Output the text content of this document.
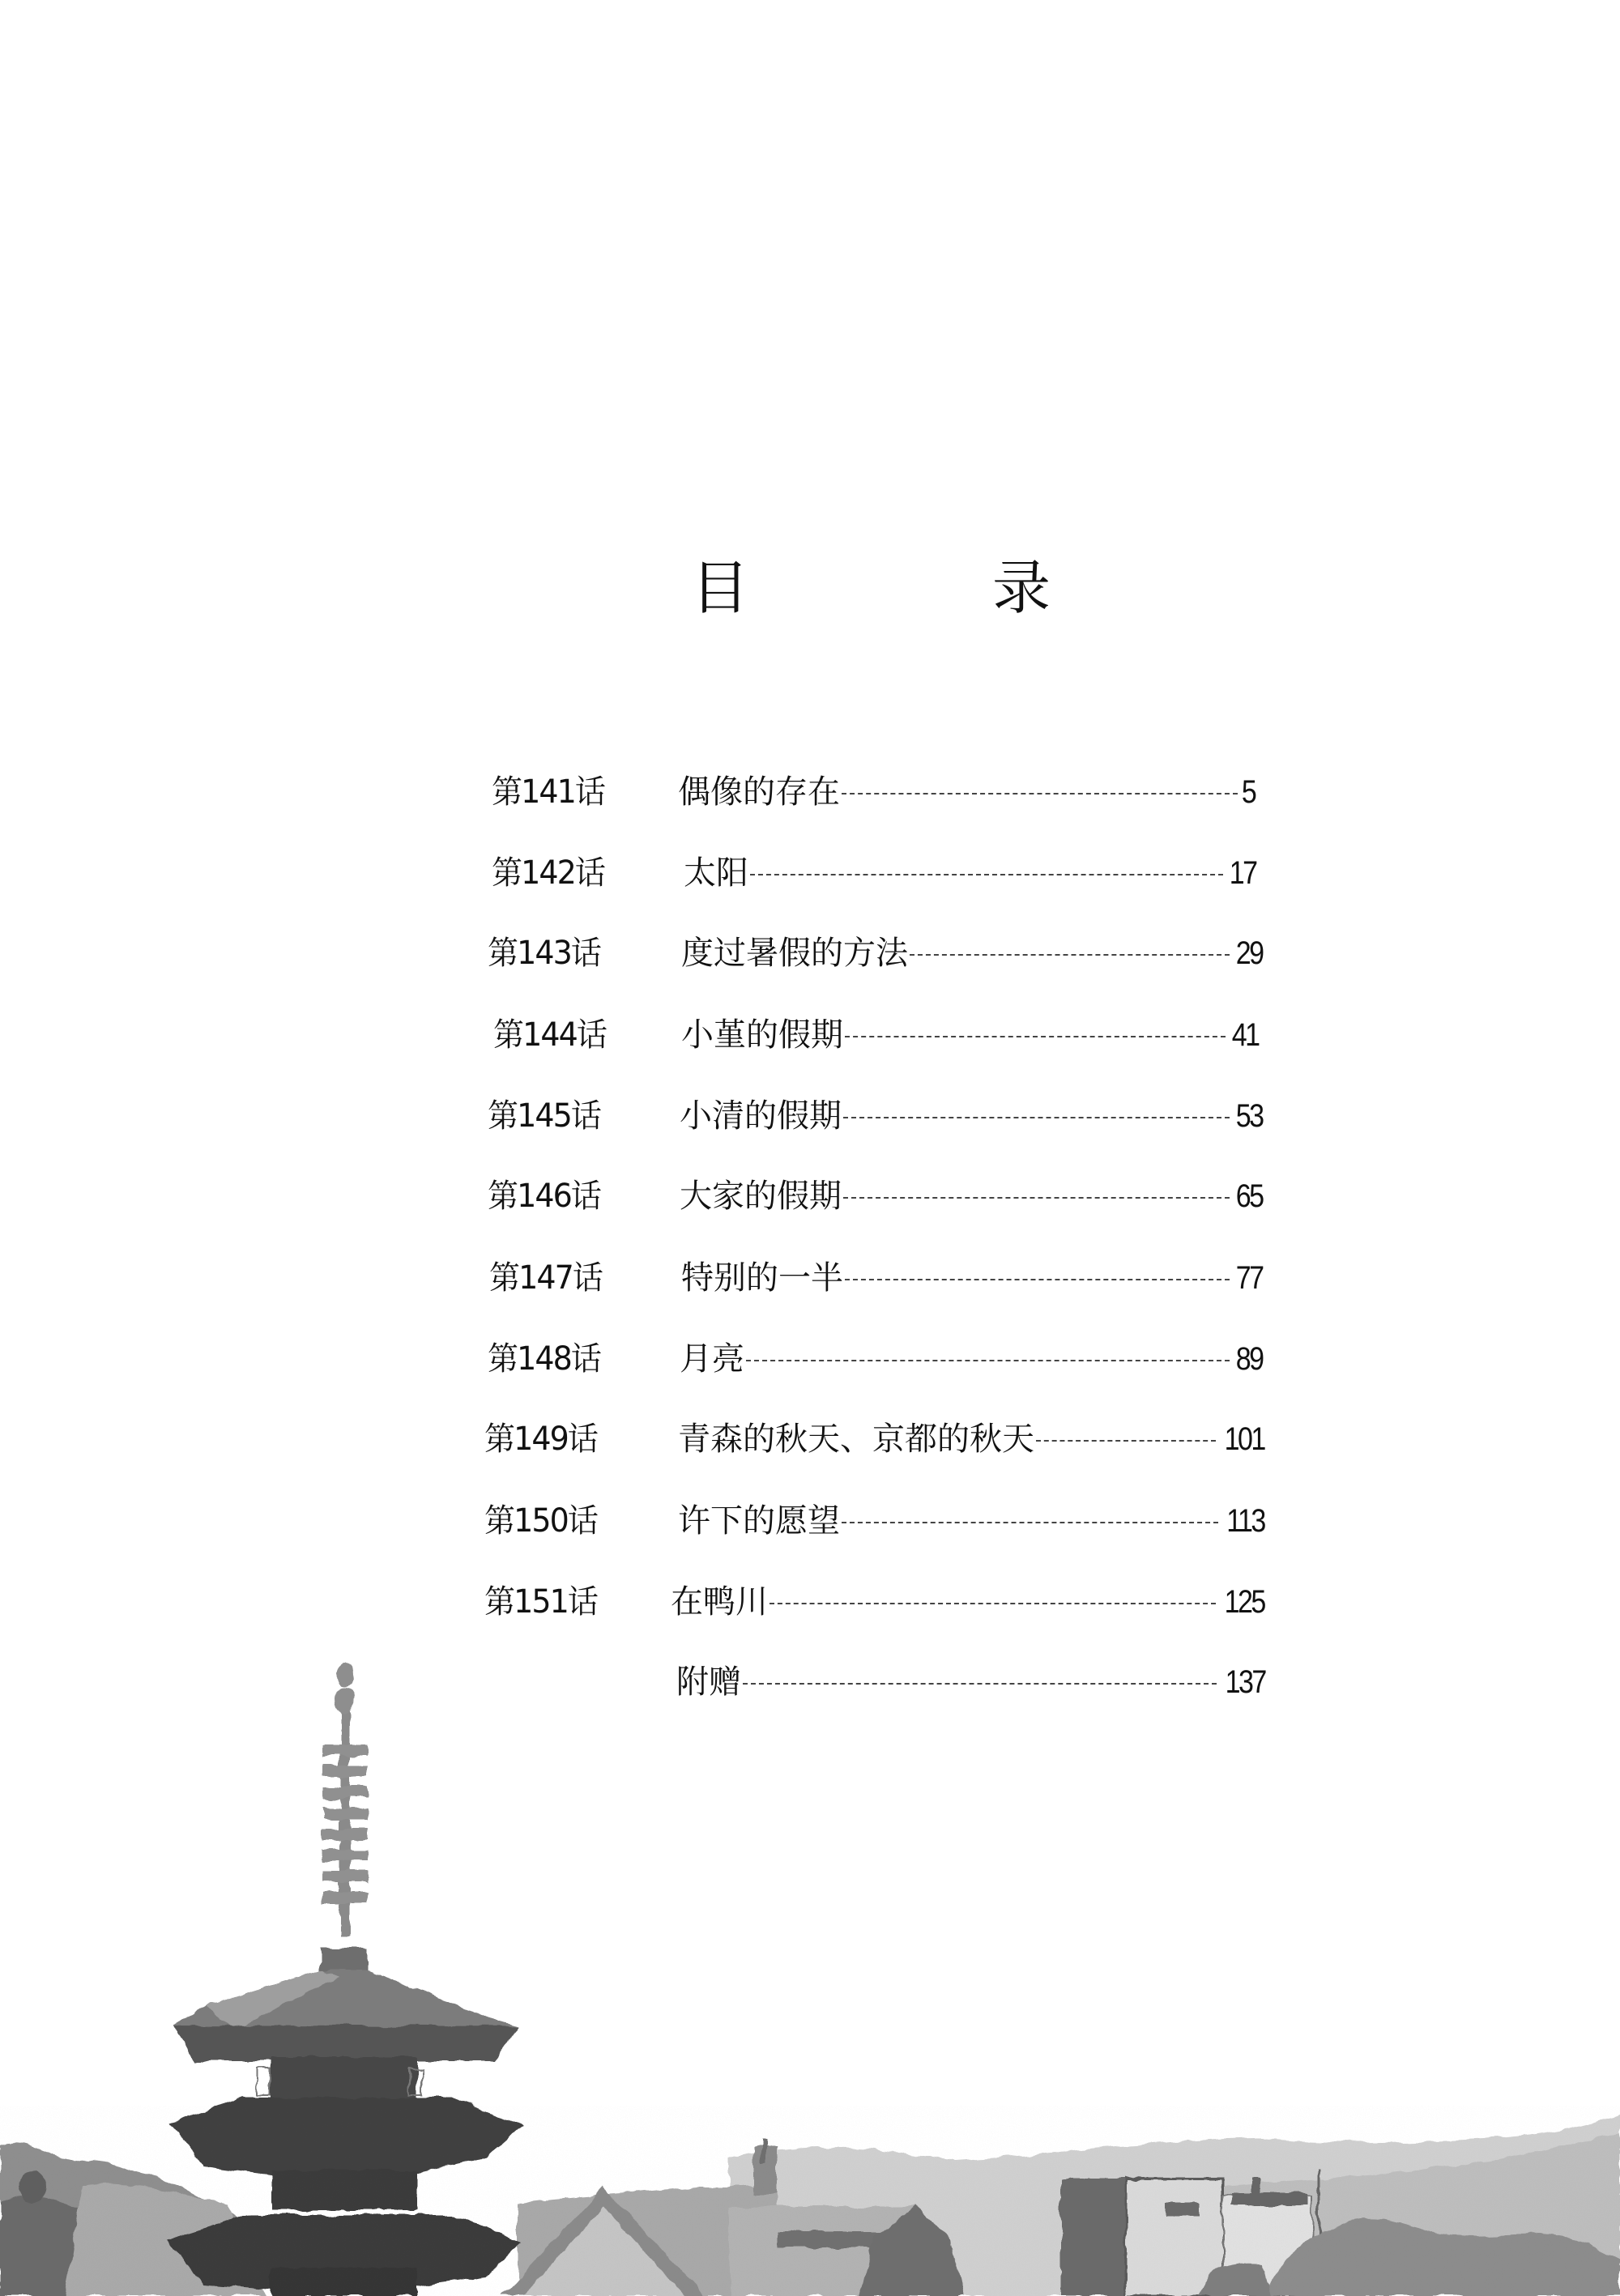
目 录
第141话 偶像的存在	5
第142话 太阳	17
第143话 度过暑假的方法	29
第144话 小堇的假期	41
第145话 小清的假期	53
第146话 大家的假期	65
第147话 特别的一半	77
第148话 月亮	89
第149话 青森的秋天、京都的秋天	101
第150话 许下的愿望	113
第151话 在鸭川	125
附赠	137
